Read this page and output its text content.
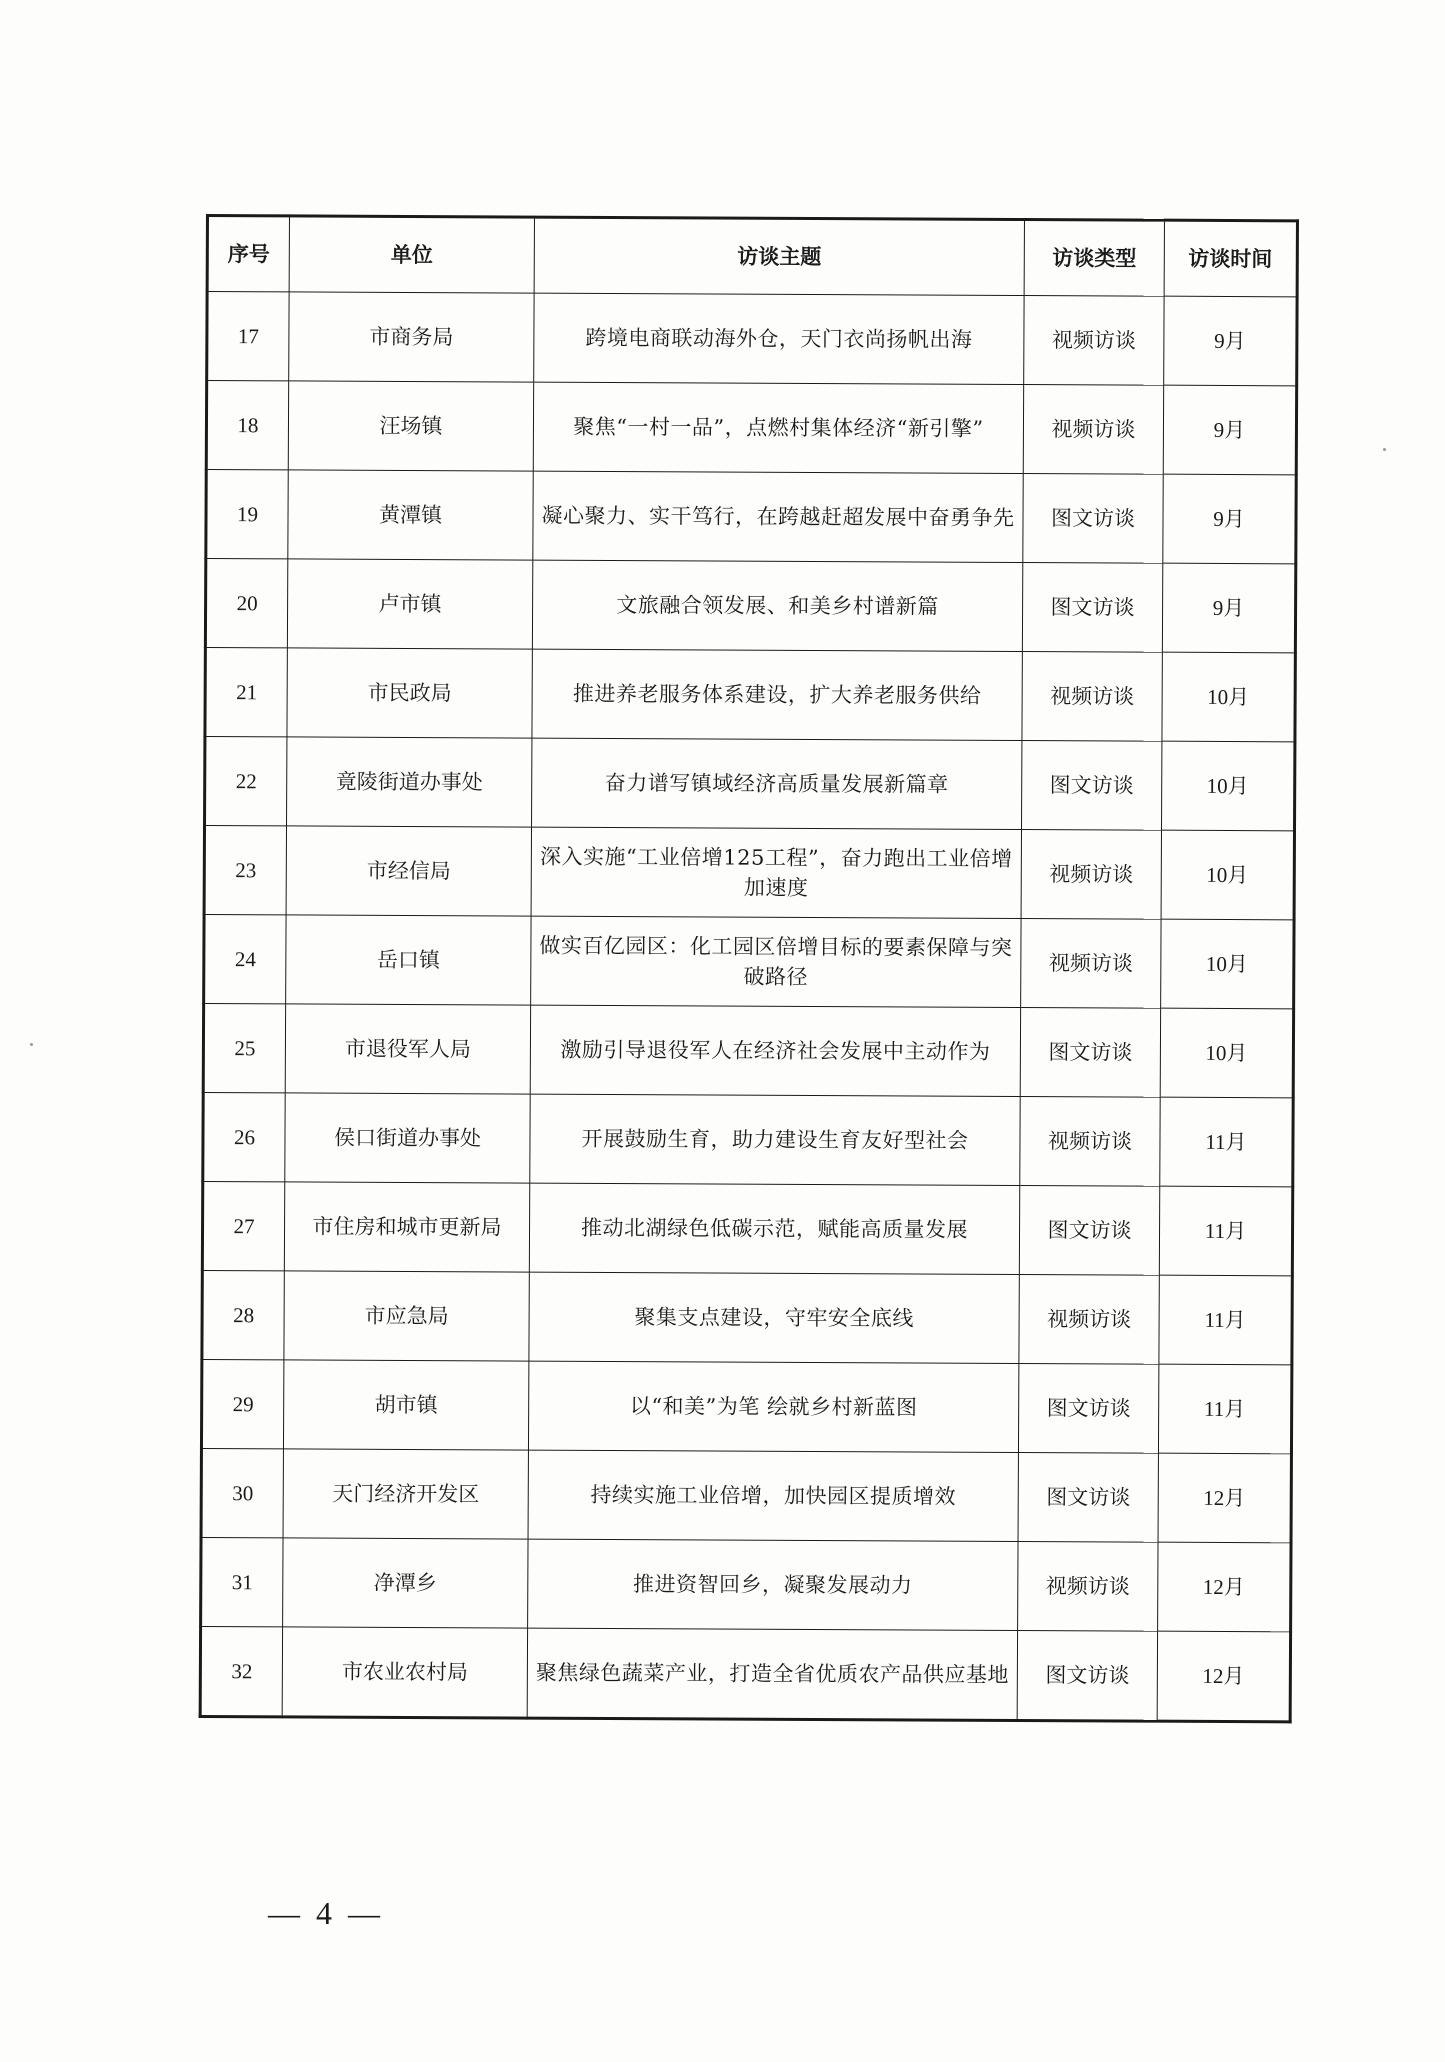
序号	单位	访谈主题	访谈类型	访谈时间
17	市商务局	跨境电商联动海外仓，天门衣尚扬帆出海	视频访谈	9月
18	汪场镇	聚焦“一村一品”，点燃村集体经济“新引擎”	视频访谈	9月
19	黄潭镇	凝心聚力、实干笃行，在跨越赶超发展中奋勇争先	图文访谈	9月
20	卢市镇	文旅融合领发展、和美乡村谱新篇	图文访谈	9月
21	市民政局	推进养老服务体系建设，扩大养老服务供给	视频访谈	10月
22	竟陵街道办事处	奋力谱写镇域经济高质量发展新篇章	图文访谈	10月
23	市经信局	深入实施“工业倍增125工程”，奋力跑出工业倍增加速度	视频访谈	10月
24	岳口镇	做实百亿园区：化工园区倍增目标的要素保障与突破路径	视频访谈	10月
25	市退役军人局	激励引导退役军人在经济社会发展中主动作为	图文访谈	10月
26	侯口街道办事处	开展鼓励生育，助力建设生育友好型社会	视频访谈	11月
27	市住房和城市更新局	推动北湖绿色低碳示范，赋能高质量发展	图文访谈	11月
28	市应急局	聚集支点建设，守牢安全底线	视频访谈	11月
29	胡市镇	以“和美”为笔 绘就乡村新蓝图	图文访谈	11月
30	天门经济开发区	持续实施工业倍增，加快园区提质增效	图文访谈	12月
31	净潭乡	推进资智回乡，凝聚发展动力	视频访谈	12月
32	市农业农村局	聚焦绿色蔬菜产业，打造全省优质农产品供应基地	图文访谈	12月
— 4 —
